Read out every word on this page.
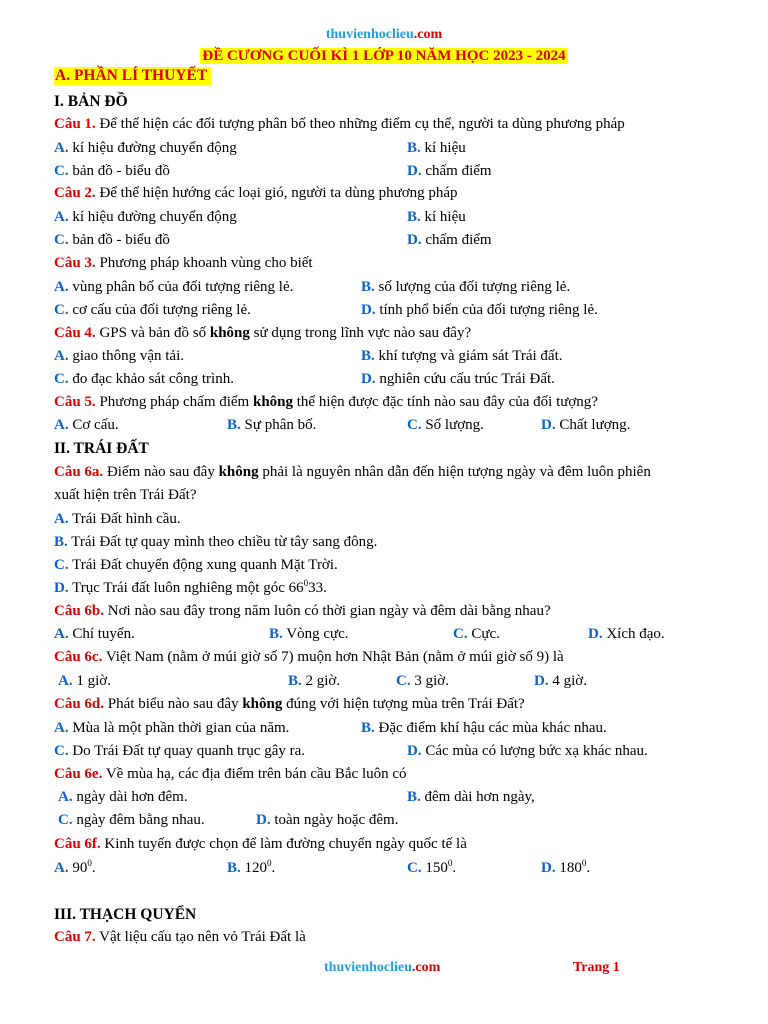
thuvienhoclieu.com
ĐỀ CƯƠNG CUỐI KÌ 1 LỚP 10 NĂM HỌC 2023 - 2024
A. PHẦN LÍ THUYẾT
I. BẢN ĐỒ
Câu 1. Để thể hiện các đối tượng phân bố theo những điểm cụ thể, người ta dùng phương pháp
A. kí hiệu đường chuyển động	B. kí hiệu
C. bản đồ - biểu đồ	D. chấm điểm
Câu 2. Để thể hiện hướng các loại gió, người ta dùng phương pháp
A. kí hiệu đường chuyển động	B. kí hiệu
C. bản đồ - biểu đồ	D. chấm điểm
Câu 3. Phương pháp khoanh vùng cho biết
A. vùng phân bố của đối tượng riêng lẻ.	B. số lượng của đối tượng riêng lẻ.
C. cơ cấu của đối tượng riêng lẻ.	D. tính phổ biến của đối tượng riêng lẻ.
Câu 4. GPS và bản đồ số không sử dụng trong lĩnh vực nào sau đây?
A. giao thông vận tải.	B. khí tượng và giám sát Trái đất.
C. đo đạc khảo sát công trình.	D. nghiên cứu cấu trúc Trái Đất.
Câu 5. Phương pháp chấm điểm không thể hiện được đặc tính nào sau đây của đối tượng?
A. Cơ cấu.	B. Sự phân bố.	C. Số lượng.	D. Chất lượng.
II. TRÁI ĐẤT
Câu 6a. Điểm nào sau đây không phải là nguyên nhân dẫn đến hiện tượng ngày và đêm luôn phiên
xuất hiện trên Trái Đất?
A. Trái Đất hình cầu.
B. Trái Đất tự quay mình theo chiều từ tây sang đông.
C. Trái Đất chuyển động xung quanh Mặt Trời.
D. Trục Trái đất luôn nghiêng một góc $66^033$.
Câu 6b. Nơi nào sau đây trong năm luôn có thời gian ngày và đêm dài bằng nhau?
A. Chí tuyến.	B. Vòng cực.	C. Cực.	D. Xích đạo.
Câu 6c. Việt Nam (nằm ở múi giờ số 7) muộn hơn Nhật Bản (nằm ở múi giờ số 9) là
A. 1 giờ.	B. 2 giờ.	C. 3 giờ.	D. 4 giờ.
Câu 6d. Phát biểu nào sau đây không đúng với hiện tượng mùa trên Trái Đất?
A. Mùa là một phần thời gian của năm.	B. Đặc điểm khí hậu các mùa khác nhau.
C. Do Trái Đất tự quay quanh trục gây ra.	D. Các mùa có lượng bức xạ khác nhau.
Câu 6e. Về mùa hạ, các địa điểm trên bán cầu Bắc luôn có
A. ngày dài hơn đêm.	B. đêm dài hơn ngày,
C. ngày đêm bằng nhau.	D. toàn ngày hoặc đêm.
Câu 6f. Kinh tuyến được chọn để làm đường chuyển ngày quốc tế là
A. $90^0$.	B. $120^0$.	C. $150^0$.	D. $180^0$.
III. THẠCH QUYỂN
Câu 7. Vật liệu cấu tạo nên vỏ Trái Đất là
thuvienhoclieu.com	Trang 1
